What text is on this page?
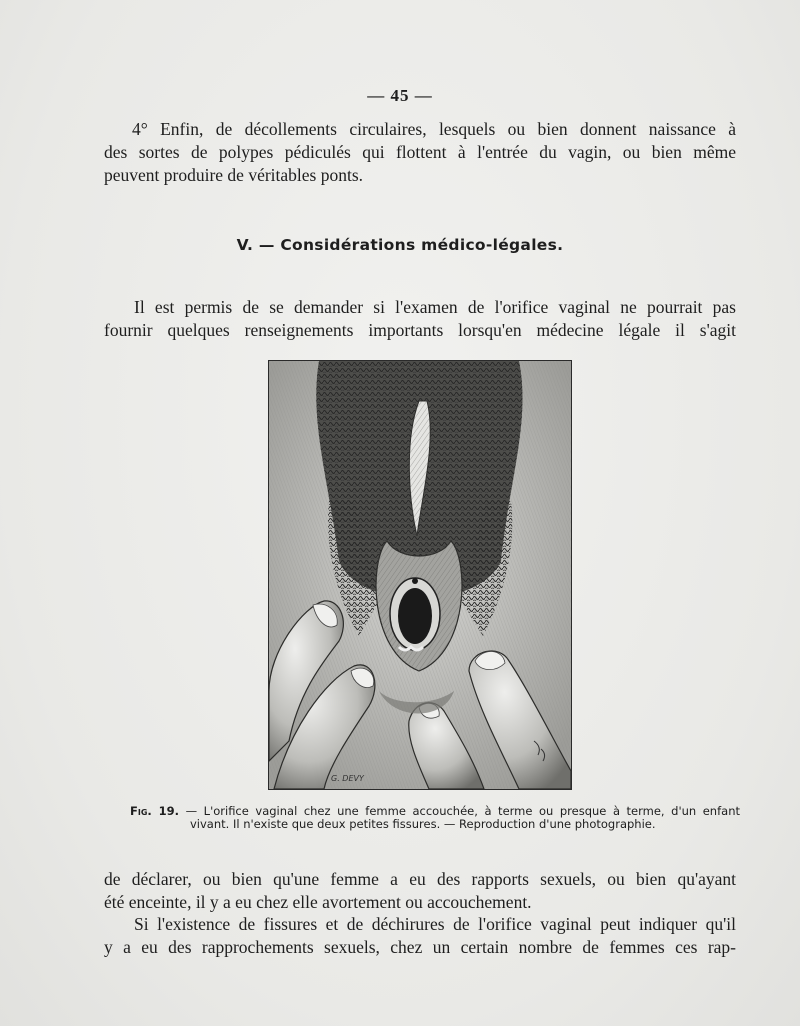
— 45 —
4° Enfin, de décollements circulaires, lesquels ou bien donnent naissance à
des sortes de polypes pédiculés qui flottent à l'entrée du vagin, ou bien même
peuvent produire de véritables ponts.
V. — Considérations médico-légales.
Il est permis de se demander si l'examen de l'orifice vaginal ne pourrait pas
fournir quelques renseignements importants lorsqu'en médecine légale il s'agit
G. DEVY
Fig. 19. — L'orifice vaginal chez une femme accouchée, à terme ou presque à terme, d'un enfant
vivant. Il n'existe que deux petites fissures. — Reproduction d'une photographie.
de déclarer, ou bien qu'une femme a eu des rapports sexuels, ou bien qu'ayant
été enceinte, il y a eu chez elle avortement ou accouchement.
Si l'existence de fissures et de déchirures de l'orifice vaginal peut indiquer qu'il
y a eu des rapprochements sexuels, chez un certain nombre de femmes ces rap-
